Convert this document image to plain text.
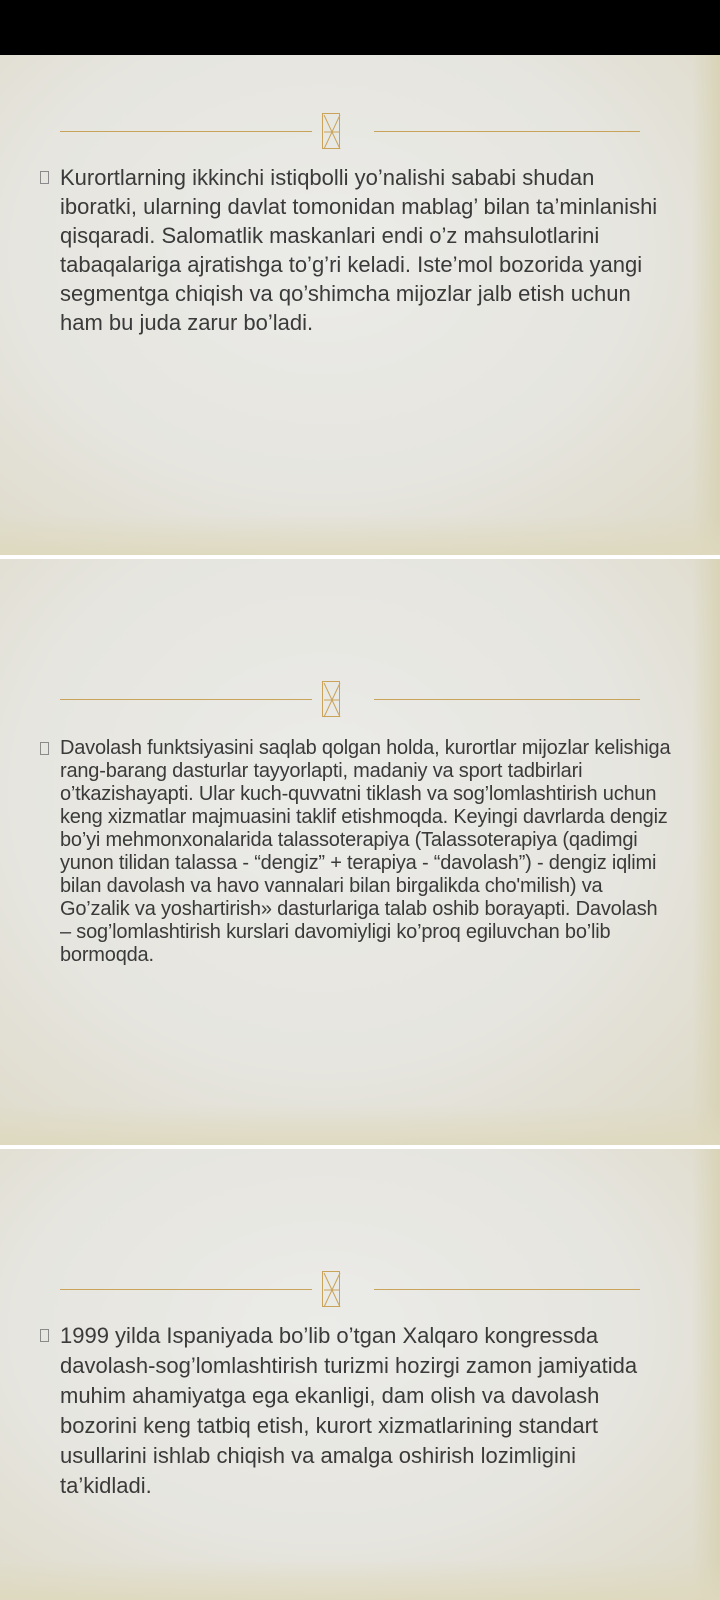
Kurortlarning ikkinchi istiqbolli yo’nalishi sababi shudan iboratki, ularning davlat tomonidan mablag’ bilan ta’minlanishi qisqaradi. Salomatlik maskanlari endi o’z mahsulotlarini tabaqalariga ajratishga to’g’ri keladi. Iste’mol bozorida yangi segmentga chiqish va qo’shimcha mijozlar jalb etish uchun ham bu juda zarur bo’ladi.

Davolash funktsiyasini saqlab qolgan holda, kurortlar mijozlar kelishiga rang-barang dasturlar tayyorlapti, madaniy va sport tadbirlari o’tkazishayapti. Ular kuch-quvvatni tiklash va sog’lomlashtirish uchun keng xizmatlar majmuasini taklif etishmoqda. Keyingi davrlarda dengiz bo’yi mehmonxonalarida talassoterapiya (Talassoterapiya (qadimgi yunon tilidan talassa - “dengiz” + terapiya - “davolash”) - dengiz iqlimi bilan davolash va havo vannalari bilan birgalikda cho'milish) va Go’zalik va yoshartirish» dasturlariga talab oshib borayapti. Davolash – sog’lomlashtirish kurslari davomiyligi ko’proq egiluvchan bo’lib bormoqda.

1999 yilda Ispaniyada bo’lib o’tgan Xalqaro kongressda davolash-sog’lomlashtirish turizmi hozirgi zamon jamiyatida muhim ahamiyatga ega ekanligi, dam olish va davolash bozorini keng tatbiq etish, kurort xizmatlarining standart usullarini ishlab chiqish va amalga oshirish lozimligini ta’kidladi.
